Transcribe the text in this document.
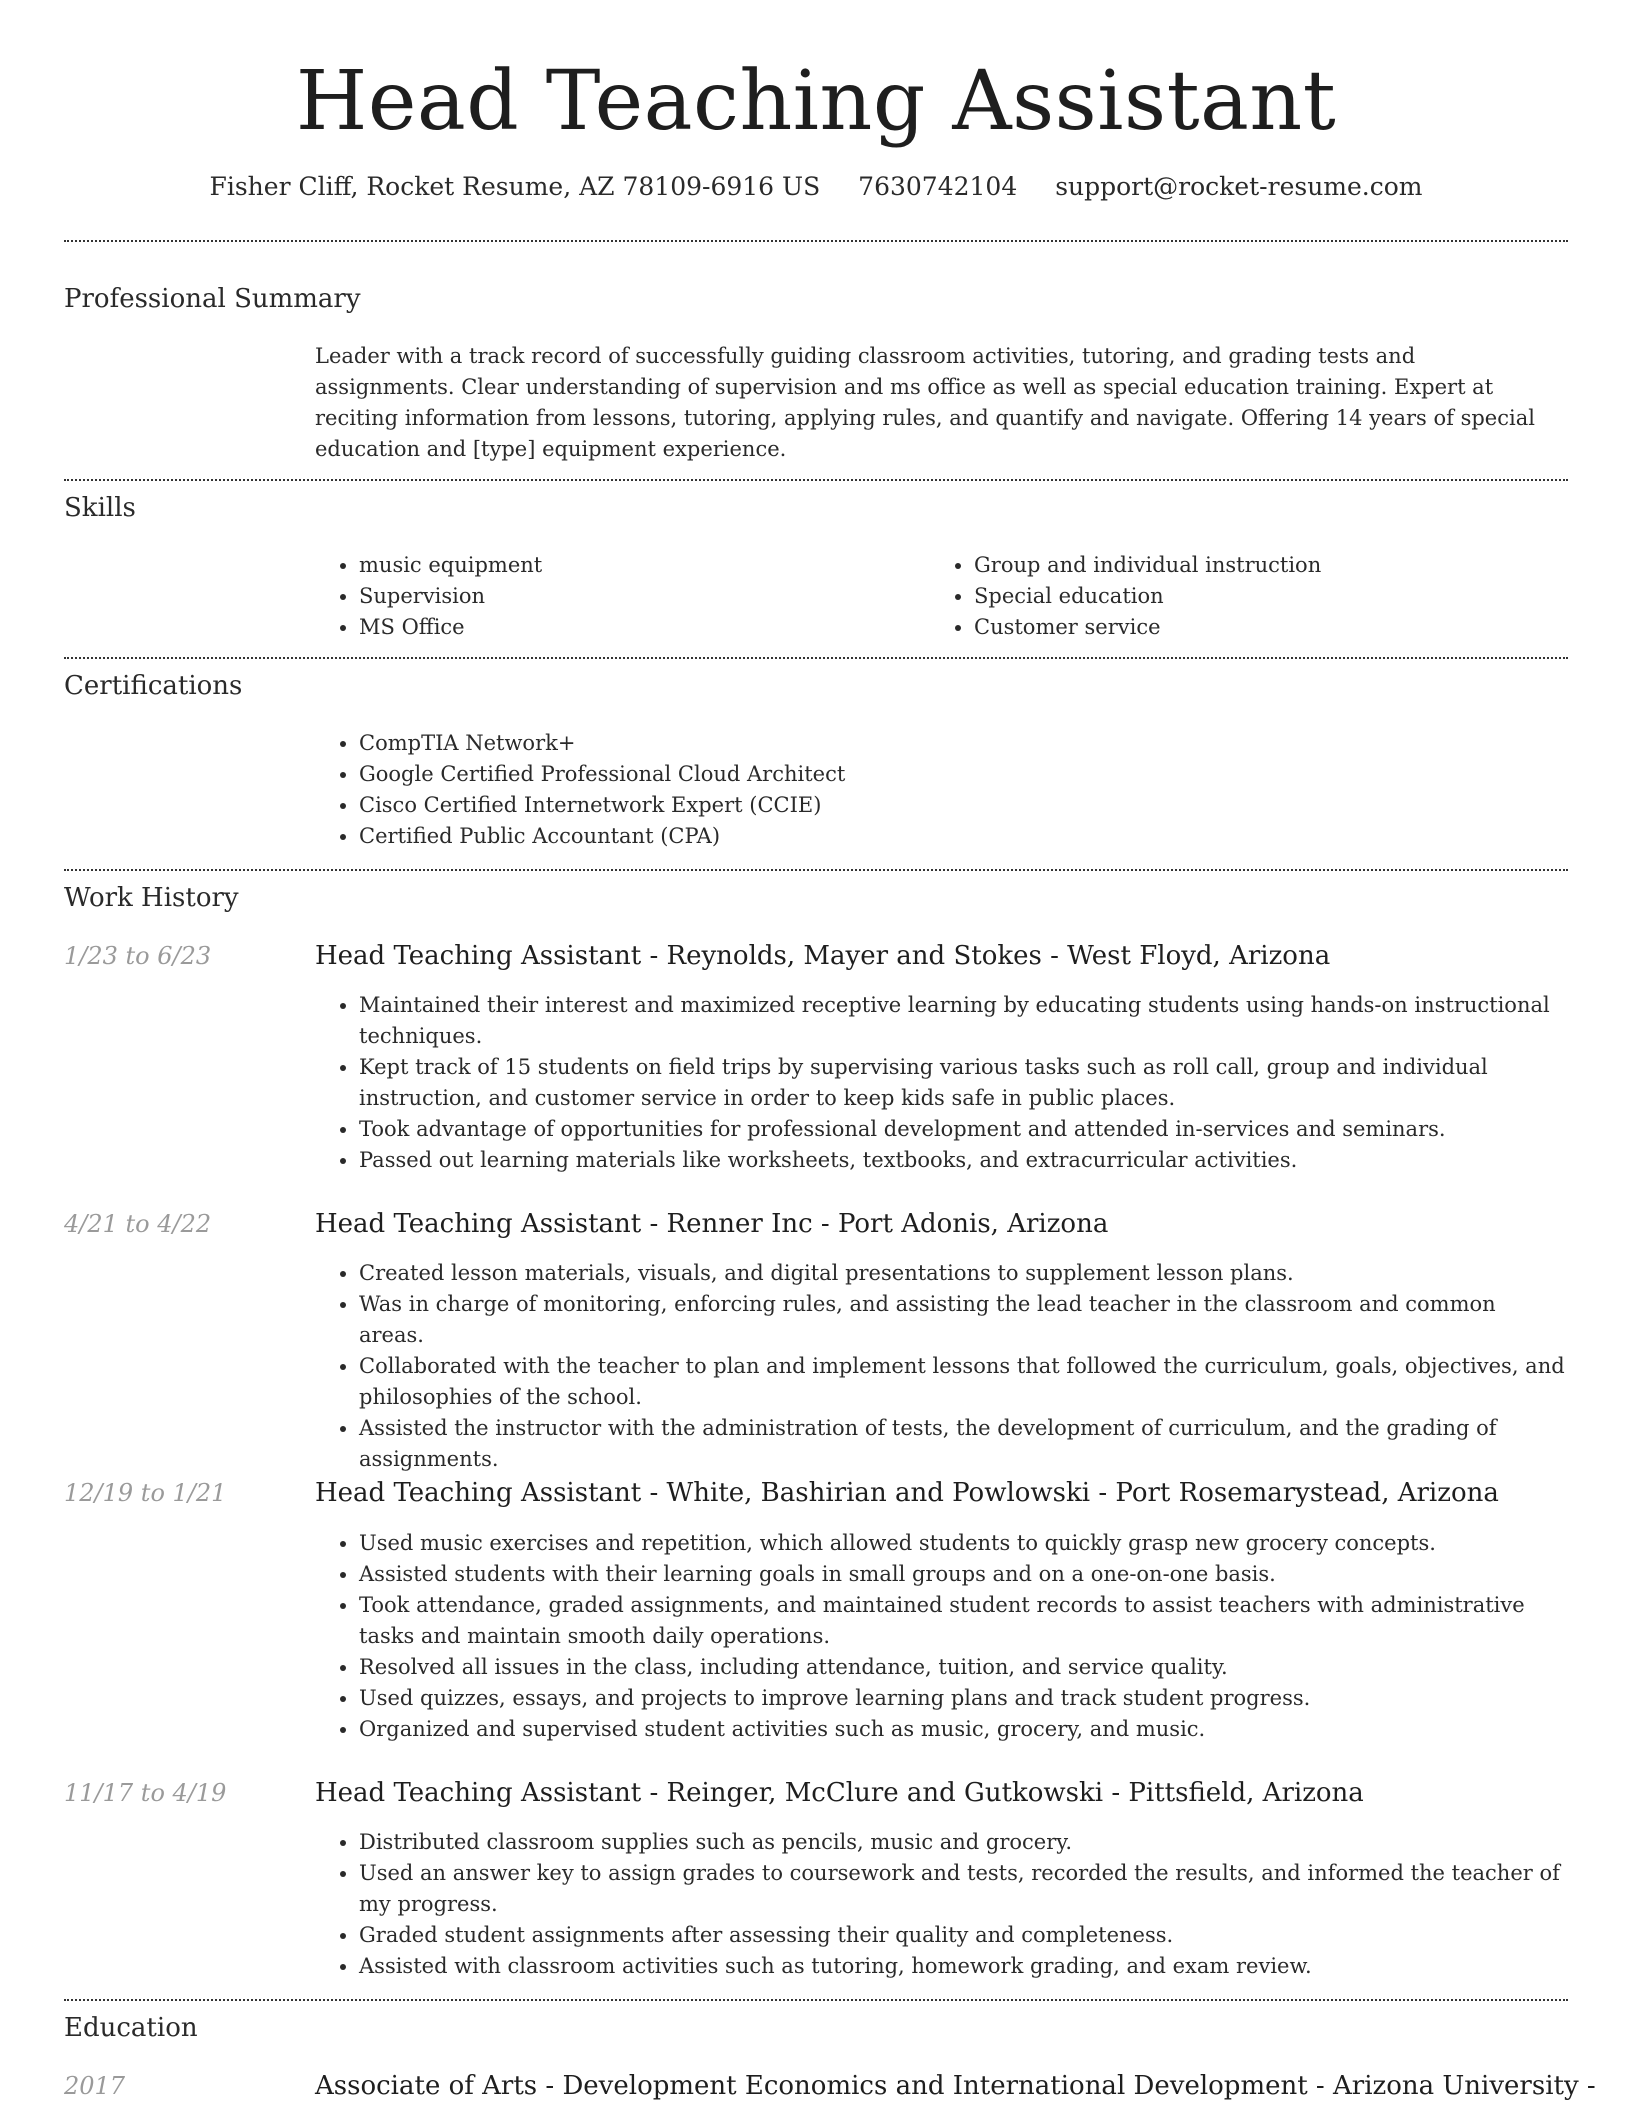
Head Teaching Assistant
Fisher Cliff, Rocket Resume, AZ 78109-6916 US 7630742104 support@rocket-resume.com
Professional Summary

Leader with a track record of successfully guiding classroom activities, tutoring, and grading tests and assignments. Clear understanding of supervision and ms office as well as special education training. Expert at reciting information from lessons, tutoring, applying rules, and quantify and navigate. Offering 14 years of special education and [type] equipment experience.

Skills
• music equipment
• Supervision
• MS Office
• Group and individual instruction
• Special education
• Customer service
Certifications
• CompTIA Network+
• Google Certified Professional Cloud Architect
• Cisco Certified Internetwork Expert (CCIE)
• Certified Public Accountant (CPA)
Work History
1/23 to 6/23	Head Teaching Assistant - Reynolds, Mayer and Stokes - West Floyd, Arizona
• Maintained their interest and maximized receptive learning by educating students using hands-on instructional techniques.
• Kept track of 15 students on field trips by supervising various tasks such as roll call, group and individual instruction, and customer service in order to keep kids safe in public places.
• Took advantage of opportunities for professional development and attended in-services and seminars.
• Passed out learning materials like worksheets, textbooks, and extracurricular activities.
4/21 to 4/22	Head Teaching Assistant - Renner Inc - Port Adonis, Arizona
• Created lesson materials, visuals, and digital presentations to supplement lesson plans.
• Was in charge of monitoring, enforcing rules, and assisting the lead teacher in the classroom and common areas.
• Collaborated with the teacher to plan and implement lessons that followed the curriculum, goals, objectives, and philosophies of the school.
• Assisted the instructor with the administration of tests, the development of curriculum, and the grading of assignments.
12/19 to 1/21	Head Teaching Assistant - White, Bashirian and Powlowski - Port Rosemarystead, Arizona
• Used music exercises and repetition, which allowed students to quickly grasp new grocery concepts.
• Assisted students with their learning goals in small groups and on a one-on-one basis.
• Took attendance, graded assignments, and maintained student records to assist teachers with administrative tasks and maintain smooth daily operations.
• Resolved all issues in the class, including attendance, tuition, and service quality.
• Used quizzes, essays, and projects to improve learning plans and track student progress.
• Organized and supervised student activities such as music, grocery, and music.
11/17 to 4/19	Head Teaching Assistant - Reinger, McClure and Gutkowski - Pittsfield, Arizona
• Distributed classroom supplies such as pencils, music and grocery.
• Used an answer key to assign grades to coursework and tests, recorded the results, and informed the teacher of my progress.
• Graded student assignments after assessing their quality and completeness.
• Assisted with classroom activities such as tutoring, homework grading, and exam review.
Education
2017	Associate of Arts - Development Economics and International Development - Arizona University -
